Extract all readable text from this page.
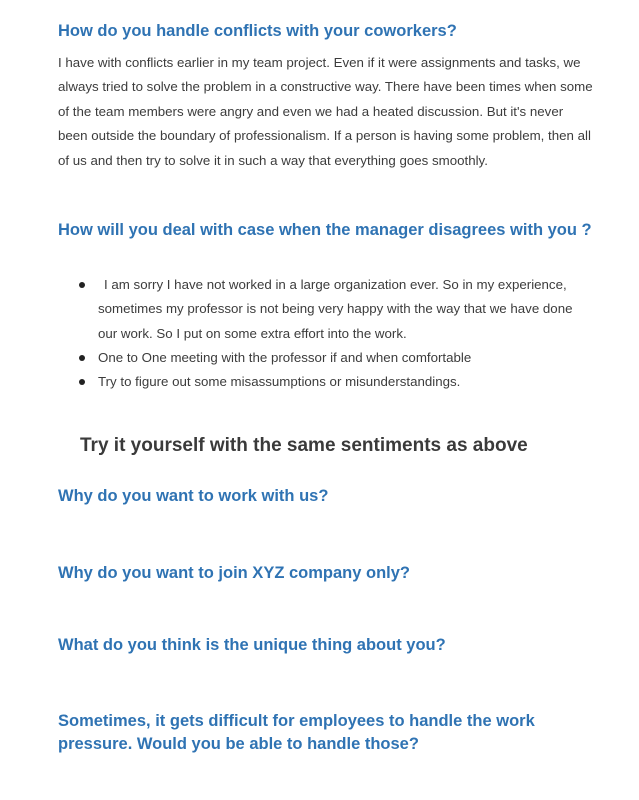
How do you handle conflicts with your coworkers?

I have with conflicts earlier in my team project. Even if it were assignments and tasks, we always tried to solve the problem in a constructive way. There have been times when some of the team members were angry and even we had a heated discussion. But it's never been outside the boundary of professionalism. If a person is having some problem, then all of us and then try to solve it in such a way that everything goes smoothly.

How will you deal with case when the manager disagrees with you ?
I am sorry I have not worked in a large organization ever. So in my experience, sometimes my professor is not being very happy with the way that we have done our work. So I put on some extra effort into the work.
One to One meeting with the professor if and when comfortable
Try to figure out some misassumptions or misunderstandings.
Try it yourself with the same sentiments as above
Why do you want to work with us?
Why do you want to join XYZ company only?
What do you think is the unique thing about you?
Sometimes, it gets difficult for employees to handle the work pressure. Would you be able to handle those?
